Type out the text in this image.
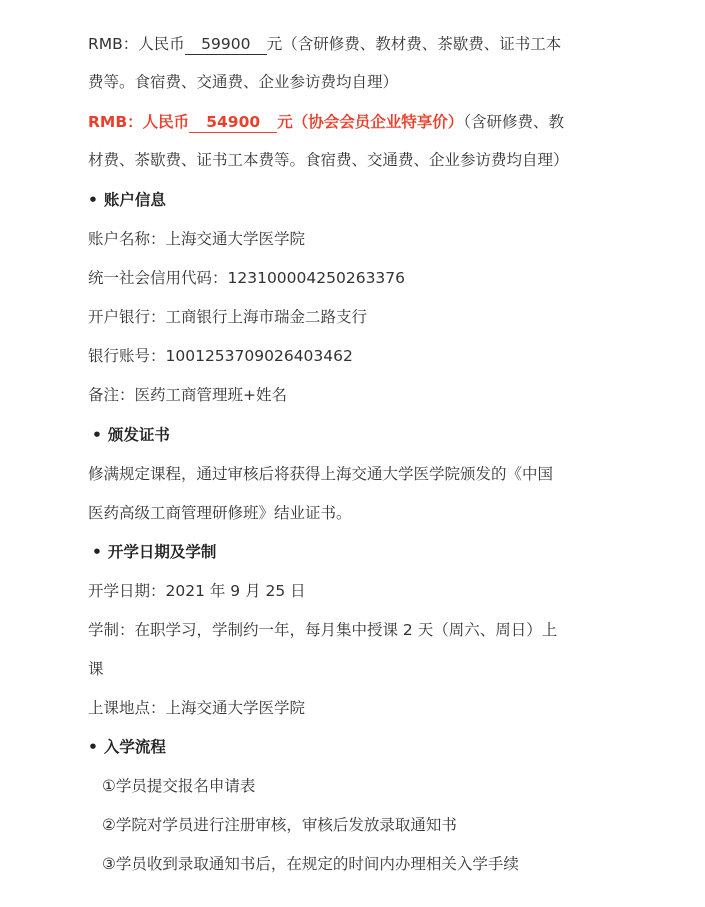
RMB：人民币 59900 元（含研修费、教材费、茶歇费、证书工本
费等。食宿费、交通费、企业参访费均自理）
RMB：人民币 54900 元（协会会员企业特享价）（含研修费、教
材费、茶歇费、证书工本费等。食宿费、交通费、企业参访费均自理）
• 账户信息
账户名称：上海交通大学医学院
统一社会信用代码：123100004250263376
开户银行：工商银行上海市瑞金二路支行
银行账号：1001253709026403462
备注：医药工商管理班+姓名
• 颁发证书
修满规定课程，通过审核后将获得上海交通大学医学院颁发的《中国
医药高级工商管理研修班》结业证书。
• 开学日期及学制
开学日期：2021 年 9 月 25 日
学制：在职学习，学制约一年，每月集中授课 2 天（周六、周日）上
课
上课地点：上海交通大学医学院
• 入学流程
①学员提交报名申请表
②学院对学员进行注册审核，审核后发放录取通知书
③学员收到录取通知书后，在规定的时间内办理相关入学手续
